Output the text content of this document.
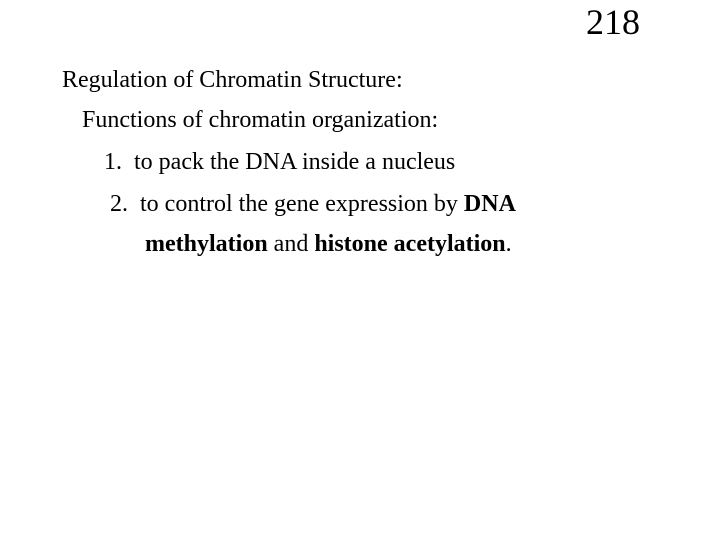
218
Regulation of Chromatin Structure:
Functions of chromatin organization:
1. to pack the DNA inside a nucleus
2. to control the gene expression by DNA
methylation and histone acetylation.
